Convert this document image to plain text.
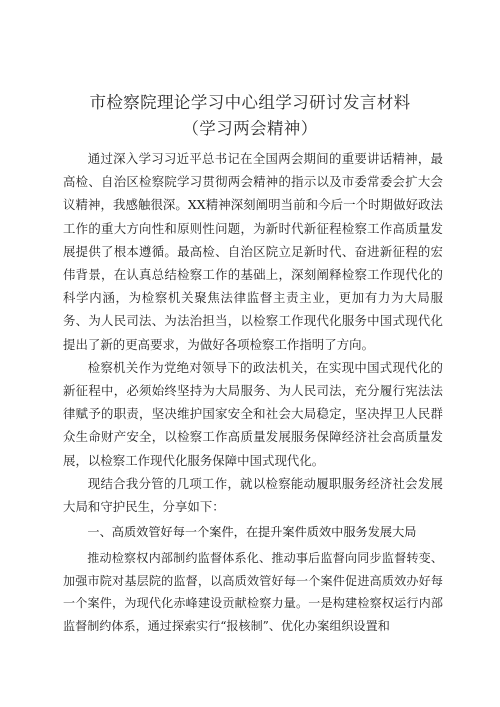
市检察院理论学习中心组学习研讨发言材料
（学习两会精神）

通过深入学习习近平总书记在全国两会期间的重要讲话精神，最高检、自治区检察院学习贯彻两会精神的指示以及市委常委会扩大会议精神，我感触很深。XX精神深刻阐明当前和今后一个时期做好政法工作的重大方向性和原则性问题，为新时代新征程检察工作高质量发展提供了根本遵循。最高检、自治区院立足新时代、奋进新征程的宏伟背景，在认真总结检察工作的基础上，深刻阐释检察工作现代化的科学内涵，为检察机关聚焦法律监督主责主业，更加有力为大局服务、为人民司法、为法治担当，以检察工作现代化服务中国式现代化提出了新的更高要求，为做好各项检察工作指明了方向。

检察机关作为党绝对领导下的政法机关，在实现中国式现代化的新征程中，必须始终坚持为大局服务、为人民司法，充分履行宪法法律赋予的职责，坚决维护国家安全和社会大局稳定，坚决捍卫人民群众生命财产安全，以检察工作高质量发展服务保障经济社会高质量发展，以检察工作现代化服务保障中国式现代化。

现结合我分管的几项工作，就以检察能动履职服务经济社会发展大局和守护民生，分享如下：

一、高质效管好每一个案件，在提升案件质效中服务发展大局

推动检察权内部制约监督体系化、推动事后监督向同步监督转变、加强市院对基层院的监督，以高质效管好每一个案件促进高质效办好每一个案件，为现代化赤峰建设贡献检察力量。一是构建检察权运行内部监督制约体系，通过探索实行“报核制”、优化办案组织设置和
